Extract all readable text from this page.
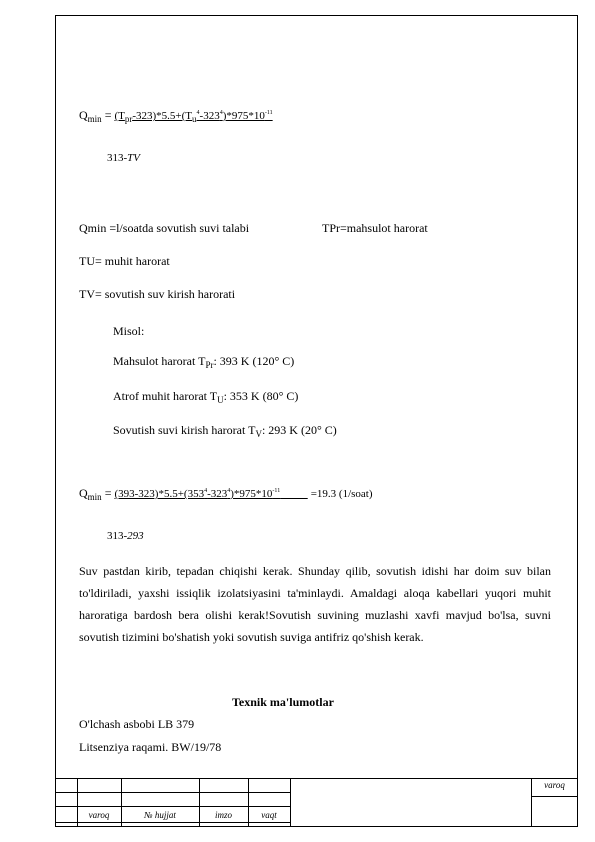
$Q_{min} = (T_{pr}-323)*5.5+(T_u^4-323^4)*975*10^{-11}$
313-TV
Qmin =l/soatda sovutish suvi talabi	TPr=mahsulot harorat
TU= muhit harorat
TV= sovutish suv kirish harorati
Misol:
Mahsulot harorat $T_{Pr}$: 393 K (120° C)
Atrof muhit harorat $T_U$: 353 K (80° C)
Sovutish suvi kirish harorat $T_V$: 293 K (20° C)
$Q_{min} = (393-323)*5.5+(353^4-323^4)*975*10^{-11}$	=19.3 (1/soat)
313-293
Suv pastdan kirib, tepadan chiqishi kerak. Shunday qilib, sovutish idishi har doim suv bilan to'ldiriladi, yaxshi issiqlik izolatsiyasini ta'minlaydi. Amaldagi aloqa kabellari yuqori muhit haroratiga bardosh bera olishi kerak!Sovutish suvining muzlashi xavfi mavjud bo'lsa, suvni sovutish tizimini bo'shatish yoki sovutish suviga antifriz qo'shish kerak.
Texnik ma'lumotlar
O'lchash asbobi LB 379
Litsenziya raqami. BW/19/78
varoq
varoq	№ hujjat	imzo	vaqt
